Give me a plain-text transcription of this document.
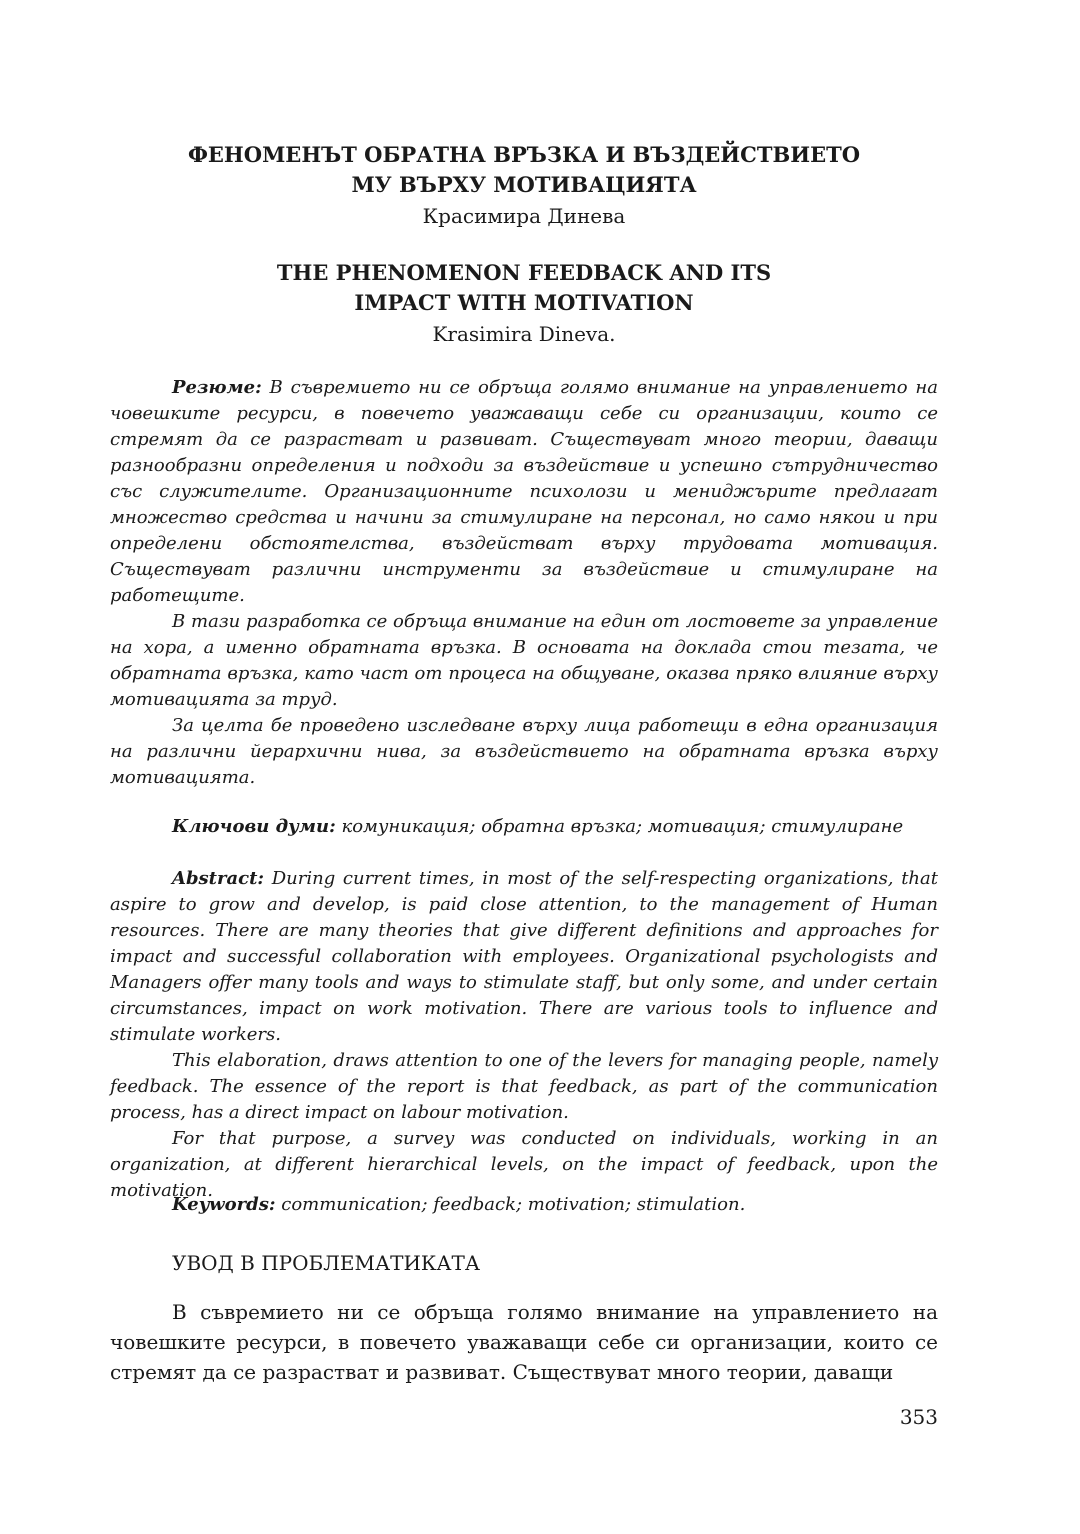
ФЕНОМЕНЪТ ОБРАТНА ВРЪЗКА И ВЪЗДЕЙСТВИЕТО
МУ ВЪРХУ МОТИВАЦИЯТА
Красимира Динева
THE PHENOMENON FEEDBACK AND ITS
IMPACT WITH MOTIVATION
Krasimira Dineva.

Резюме: В съвремието ни се обръща голямо внимание на управлението на човешките ресурси, в повечето уважаващи себе си организации, които се стремят да се разрастват и развиват. Съществуват много теории, даващи разнообразни определения и подходи за въздействие и успешно сътрудничество със служителите. Организационните психолози и мениджърите предлагат множество средства и начини за стимулиране на персонал, но само някои и при определени обстоятелства, въздействат върху трудовата мотивация. Съществуват различни инструменти за въздействие и стимулиране на работещите.

В тази разработка се обръща внимание на един от лостовете за управление на хора, а именно обратната връзка. В основата на доклада стои тезата, че обратната връзка, като част от процеса на общуване, оказва пряко влияние върху мотивацията за труд.

За целта бе проведено изследване върху лица работещи в една организация на различни йерархични нива, за въздействието на обратната връзка върху мотивацията.

Ключови думи: комуникация; обратна връзка; мотивация; стимулиране

Abstract: During current times, in most of the self-respecting organizations, that aspire to grow and develop, is paid close attention, to the management of Human resources. There are many theories that give different definitions and approaches for impact and successful collaboration with employees. Organizational psychologists and Managers offer many tools and ways to stimulate staff, but only some, and under certain circumstances, impact on work motivation. There are various tools to influence and stimulate workers.

This elaboration, draws attention to one of the levers for managing people, namely feedback. The essence of the report is that feedback, as part of the communication process, has a direct impact on labour motivation.

For that purpose, a survey was conducted on individuals, working in an organization, at different hierarchical levels, on the impact of feedback, upon the motivation.

Keywords: communication; feedback; motivation; stimulation.

УВОД В ПРОБЛЕМАТИКАТА

В съвремието ни се обръща голямо внимание на управлението на човешките ресурси, в повечето уважаващи себе си организации, които се стремят да се разрастват и развиват. Съществуват много теории, даващи

353
